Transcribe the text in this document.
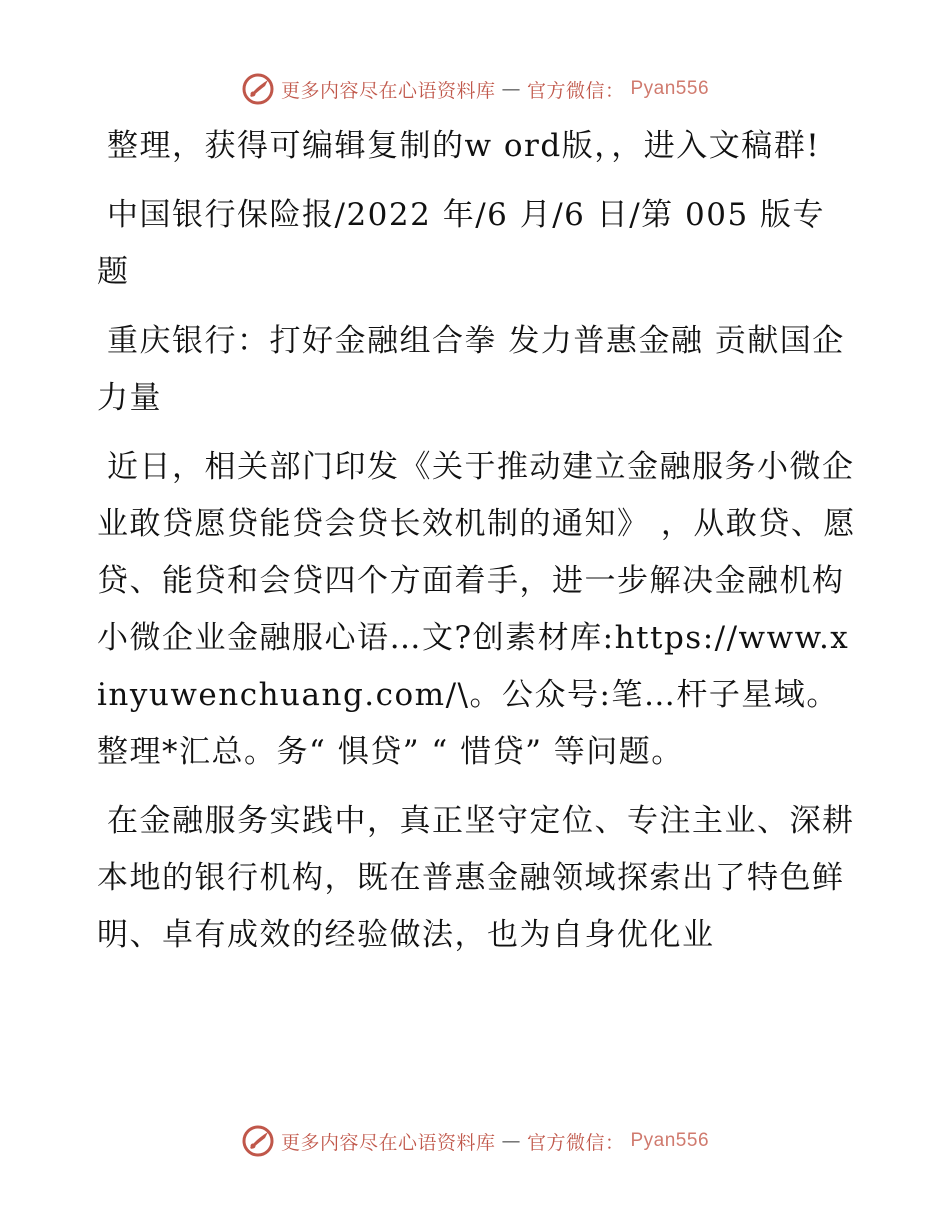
更多内容尽在心语资料库 — 官方微信： Pyan556

整理，获得可编辑复制的w ord版，，进入文稿群!

中国银行保险报/2022 年/6 月/6 日/第 005 版专题

重庆银行：打好金融组合拳 发力普惠金融 贡献国企力量

近日，相关部门印发《关于推动建立金融服务小微企业敢贷愿贷能贷会贷长效机制的通知》 ，从敢贷、愿贷、能贷和会贷四个方面着手，进一步解决金融机构小微企业金融服心语…文?创素材库:https://www.xinyuwenchuang.com/\。公众号:笔…杆子星域。整理*汇总。务“ 惧贷” “ 惜贷” 等问题。

在金融服务实践中，真正坚守定位、专注主业、深耕本地的银行机构，既在普惠金融领域探索出了特色鲜明、卓有成效的经验做法，也为自身优化业

更多内容尽在心语资料库 — 官方微信： Pyan556
